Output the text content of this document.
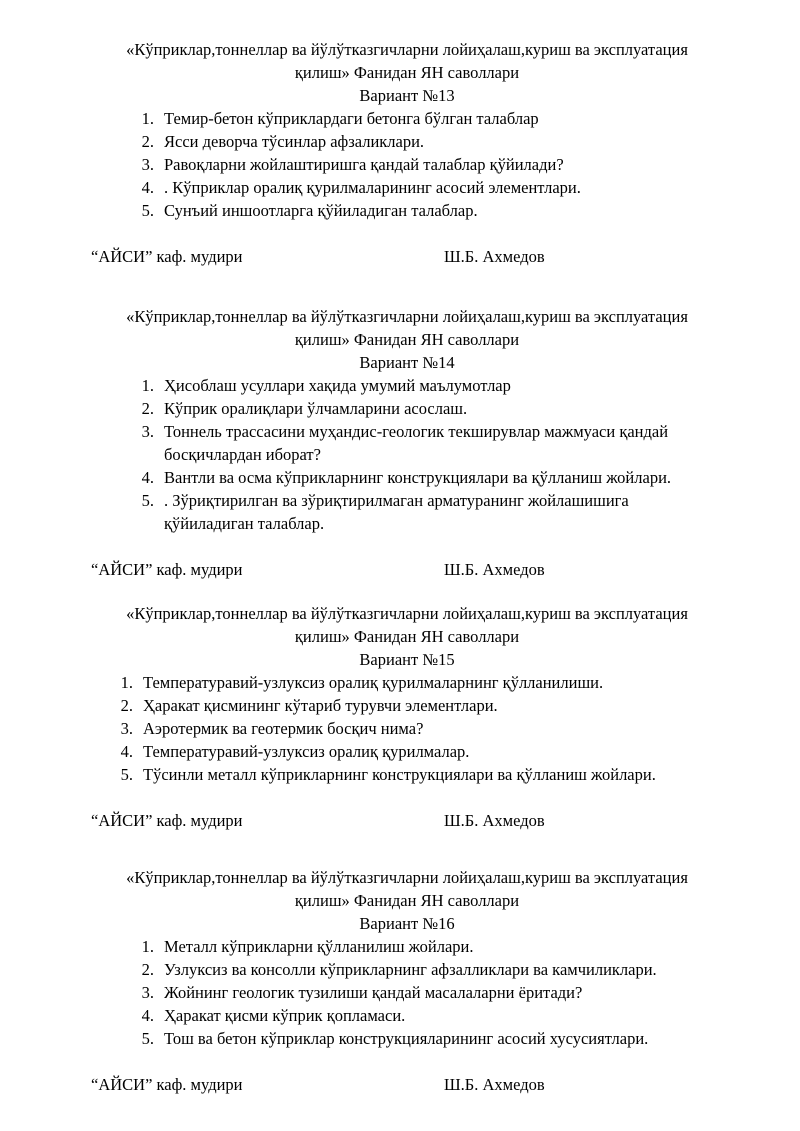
«Кўприклар,тоннеллар ва йўлўтказгичларни лойиҳалаш,куриш ва эксплуатация
қилиш» Фанидан ЯН саволлари
Вариант №13
1. Темир-бетон кўприклардаги бетонга бўлган талаблар
2. Ясси деворча тўсинлар афзаликлари.
3. Равоқларни жойлаштиришга қандай талаблар қўйилади?
4. . Кўприклар оралиқ қурилмаларининг асосий элементлари.
5. Сунъий иншоотларга қўйиладиган талаблар.
“АЙСИ” каф. мудири	Ш.Б. Ахмедов
«Кўприклар,тоннеллар ва йўлўтказгичларни лойиҳалаш,куриш ва эксплуатация
қилиш» Фанидан ЯН саволлари
Вариант №14
1. Ҳисоблаш усуллари хақида умумий маълумотлар
2. Кўприк оралиқлари ўлчамларини асослаш.
3. Тоннель трассасини муҳандис-геологик текширувлар мажмуаси қандай босқичлардан иборат?
4. Вантли ва осма кўприкларнинг конструкциялари ва қўлланиш жойлари.
5. . Зўриқтирилган ва зўриқтирилмаган арматуранинг жойлашишига қўйиладиган талаблар.
“АЙСИ” каф. мудири	Ш.Б. Ахмедов
«Кўприклар,тоннеллар ва йўлўтказгичларни лойиҳалаш,куриш ва эксплуатация
қилиш» Фанидан ЯН саволлари
Вариант №15
1. Температуравий-узлуксиз оралиқ қурилмаларнинг қўлланилиши.
2. Ҳаракат қисмининг кўтариб турувчи элементлари.
3. Аэротермик ва геотермик босқич нима?
4. Температуравий-узлуксиз оралиқ қурилмалар.
5. Тўсинли металл кўприкларнинг конструкциялари ва қўлланиш жойлари.
“АЙСИ” каф. мудири	Ш.Б. Ахмедов
«Кўприклар,тоннеллар ва йўлўтказгичларни лойиҳалаш,куриш ва эксплуатация
қилиш» Фанидан ЯН саволлари
Вариант №16
1. Металл кўприкларни қўлланилиш жойлари.
2. Узлуксиз ва консолли кўприкларнинг афзалликлари ва камчиликлари.
3. Жойнинг геологик тузилиши қандай масалаларни ёритади?
4. Ҳаракат қисми кўприк қопламаси.
5. Тош ва бетон кўприклар конструкцияларининг асосий хусусиятлари.
“АЙСИ” каф. мудири	Ш.Б. Ахмедов
